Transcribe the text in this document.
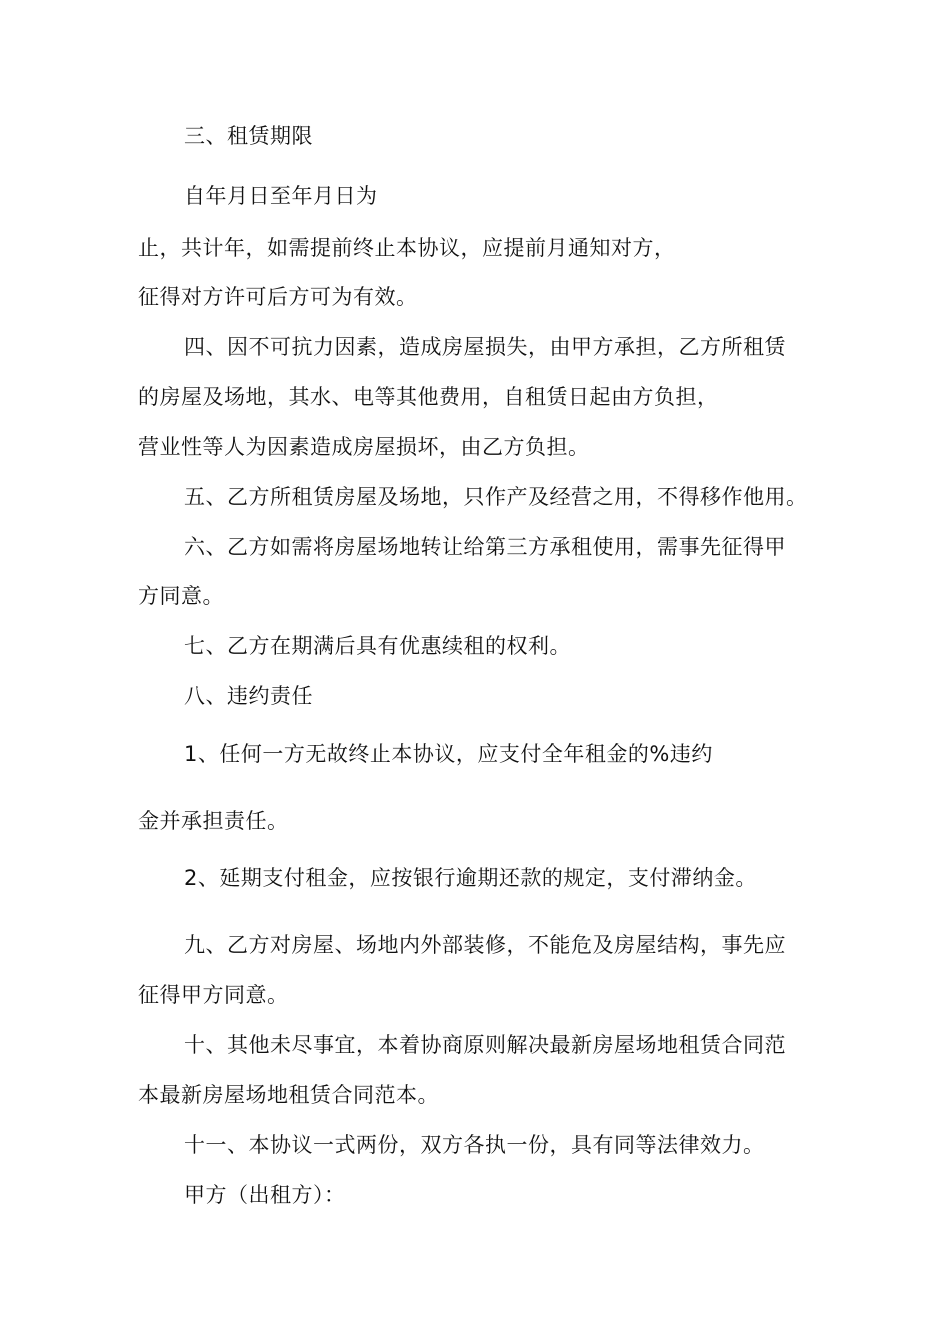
三、租赁期限
自年月日至年月日为
止，共计年，如需提前终止本协议，应提前月通知对方，
征得对方许可后方可为有效。
四、因不可抗力因素，造成房屋损失，由甲方承担，乙方所租赁
的房屋及场地，其水、电等其他费用，自租赁日起由方负担，
营业性等人为因素造成房屋损坏，由乙方负担。
五、乙方所租赁房屋及场地，只作产及经营之用，不得移作他用。
六、乙方如需将房屋场地转让给第三方承租使用，需事先征得甲
方同意。
七、乙方在期满后具有优惠续租的权利。
八、违约责任
1、任何一方无故终止本协议，应支付全年租金的%违约
金并承担责任。
2、延期支付租金，应按银行逾期还款的规定，支付滞纳金。
九、乙方对房屋、场地内外部装修，不能危及房屋结构，事先应
征得甲方同意。
十、其他未尽事宜，本着协商原则解决最新房屋场地租赁合同范
本最新房屋场地租赁合同范本。
十一、本协议一式两份，双方各执一份，具有同等法律效力。
甲方（出租方）：
